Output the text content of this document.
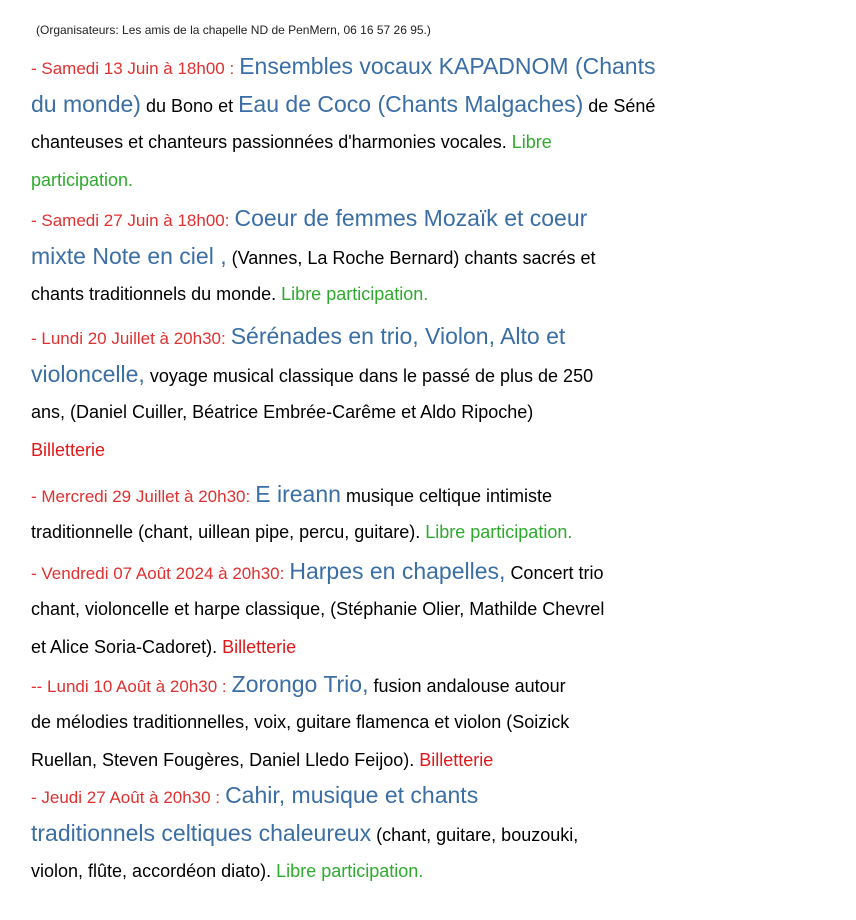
(Organisateurs: Les amis de la chapelle ND de PenMern, 06 16 57 26 95.)
- Samedi 13 Juin à 18h00 : Ensembles vocaux KAPADNOM (Chants
du monde) du Bono et Eau de Coco (Chants Malgaches) de Séné
chanteuses et chanteurs passionnées d'harmonies vocales. Libre
participation.
- Samedi 27 Juin à 18h00: Coeur de femmes Mozaïk et coeur
mixte Note en ciel , (Vannes, La Roche Bernard) chants sacrés et
chants traditionnels du monde. Libre participation.
- Lundi 20 Juillet à 20h30: Sérénades en trio, Violon, Alto et
violoncelle, voyage musical classique dans le passé de plus de 250
ans, (Daniel Cuiller, Béatrice Embrée-Carême et Aldo Ripoche)
Billetterie
- Mercredi 29 Juillet à 20h30: E ireann musique celtique intimiste
traditionnelle (chant, uillean pipe, percu, guitare). Libre participation.
- Vendredi 07 Août 2024 à 20h30: Harpes en chapelles, Concert trio
chant, violoncelle et harpe classique, (Stéphanie Olier, Mathilde Chevrel
et Alice Soria-Cadoret). Billetterie
-- Lundi 10 Août à 20h30 : Zorongo Trio, fusion andalouse autour
de mélodies traditionnelles, voix, guitare flamenca et violon (Soizick
Ruellan, Steven Fougères, Daniel Lledo Feijoo). Billetterie
- Jeudi 27 Août à 20h30 : Cahir, musique et chants
traditionnels celtiques chaleureux (chant, guitare, bouzouki,
violon, flûte, accordéon diato). Libre participation.
